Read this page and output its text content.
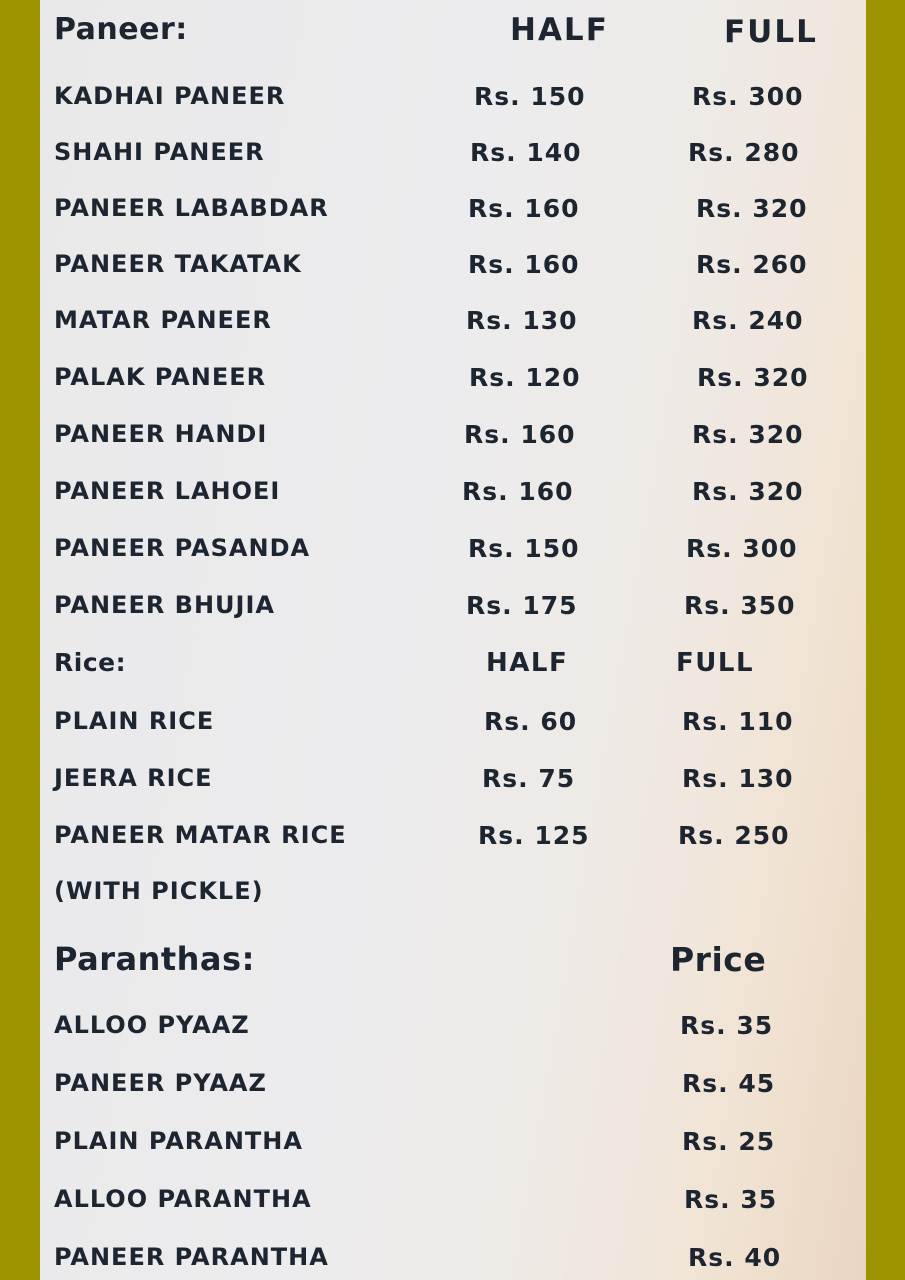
Paneer:	HALF	FULL
KADHAI PANEER	Rs. 150	Rs. 300
SHAHI PANEER	Rs. 140	Rs. 280
PANEER LABABDAR	Rs. 160	Rs. 320
PANEER TAKATAK	Rs. 160	Rs. 260
MATAR PANEER	Rs. 130	Rs. 240
PALAK PANEER	Rs. 120	Rs. 320
PANEER HANDI	Rs. 160	Rs. 320
PANEER LAHOEI	Rs. 160	Rs. 320
PANEER PASANDA	Rs. 150	Rs. 300
PANEER BHUJIA	Rs. 175	Rs. 350
Rice:	HALF	FULL
PLAIN RICE	Rs. 60	Rs. 110
JEERA RICE	Rs. 75	Rs. 130
PANEER MATAR RICE	Rs. 125	Rs. 250
(WITH PICKLE)
Paranthas:	Price
ALLOO PYAAZ	Rs. 35
PANEER PYAAZ	Rs. 45
PLAIN PARANTHA	Rs. 25
ALLOO PARANTHA	Rs. 35
PANEER PARANTHA	Rs. 40
